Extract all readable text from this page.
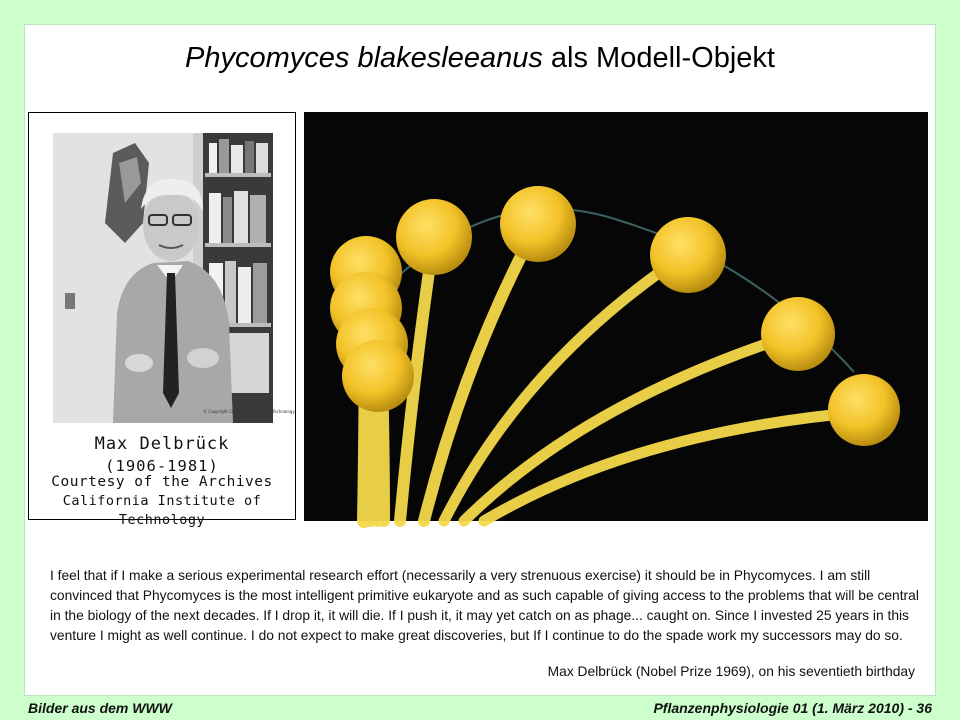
Phycomyces blakesleeanus als Modell-Objekt
© Copyright California Institute of Technology
Max Delbrück
(1906-1981)
Courtesy of the Archives
California Institute of Technology
I feel that if I make a serious experimental research effort (necessarily a very strenuous exercise) it should be in Phycomyces. I am still convinced that Phycomyces is the most intelligent primitive eukaryote and as such capable of giving access to the problems that will be central in the biology of the next decades. If I drop it, it will die. If I push it, it may yet catch on as phage... caught on. Since I invested 25 years in this venture I might as well continue. I do not expect to make great discoveries, but If I continue to do the spade work my successors may do so.
Max Delbrück (Nobel Prize 1969), on his seventieth birthday
Bilder aus dem WWW	Pflanzenphysiologie 01 (1. März 2010) - 36
